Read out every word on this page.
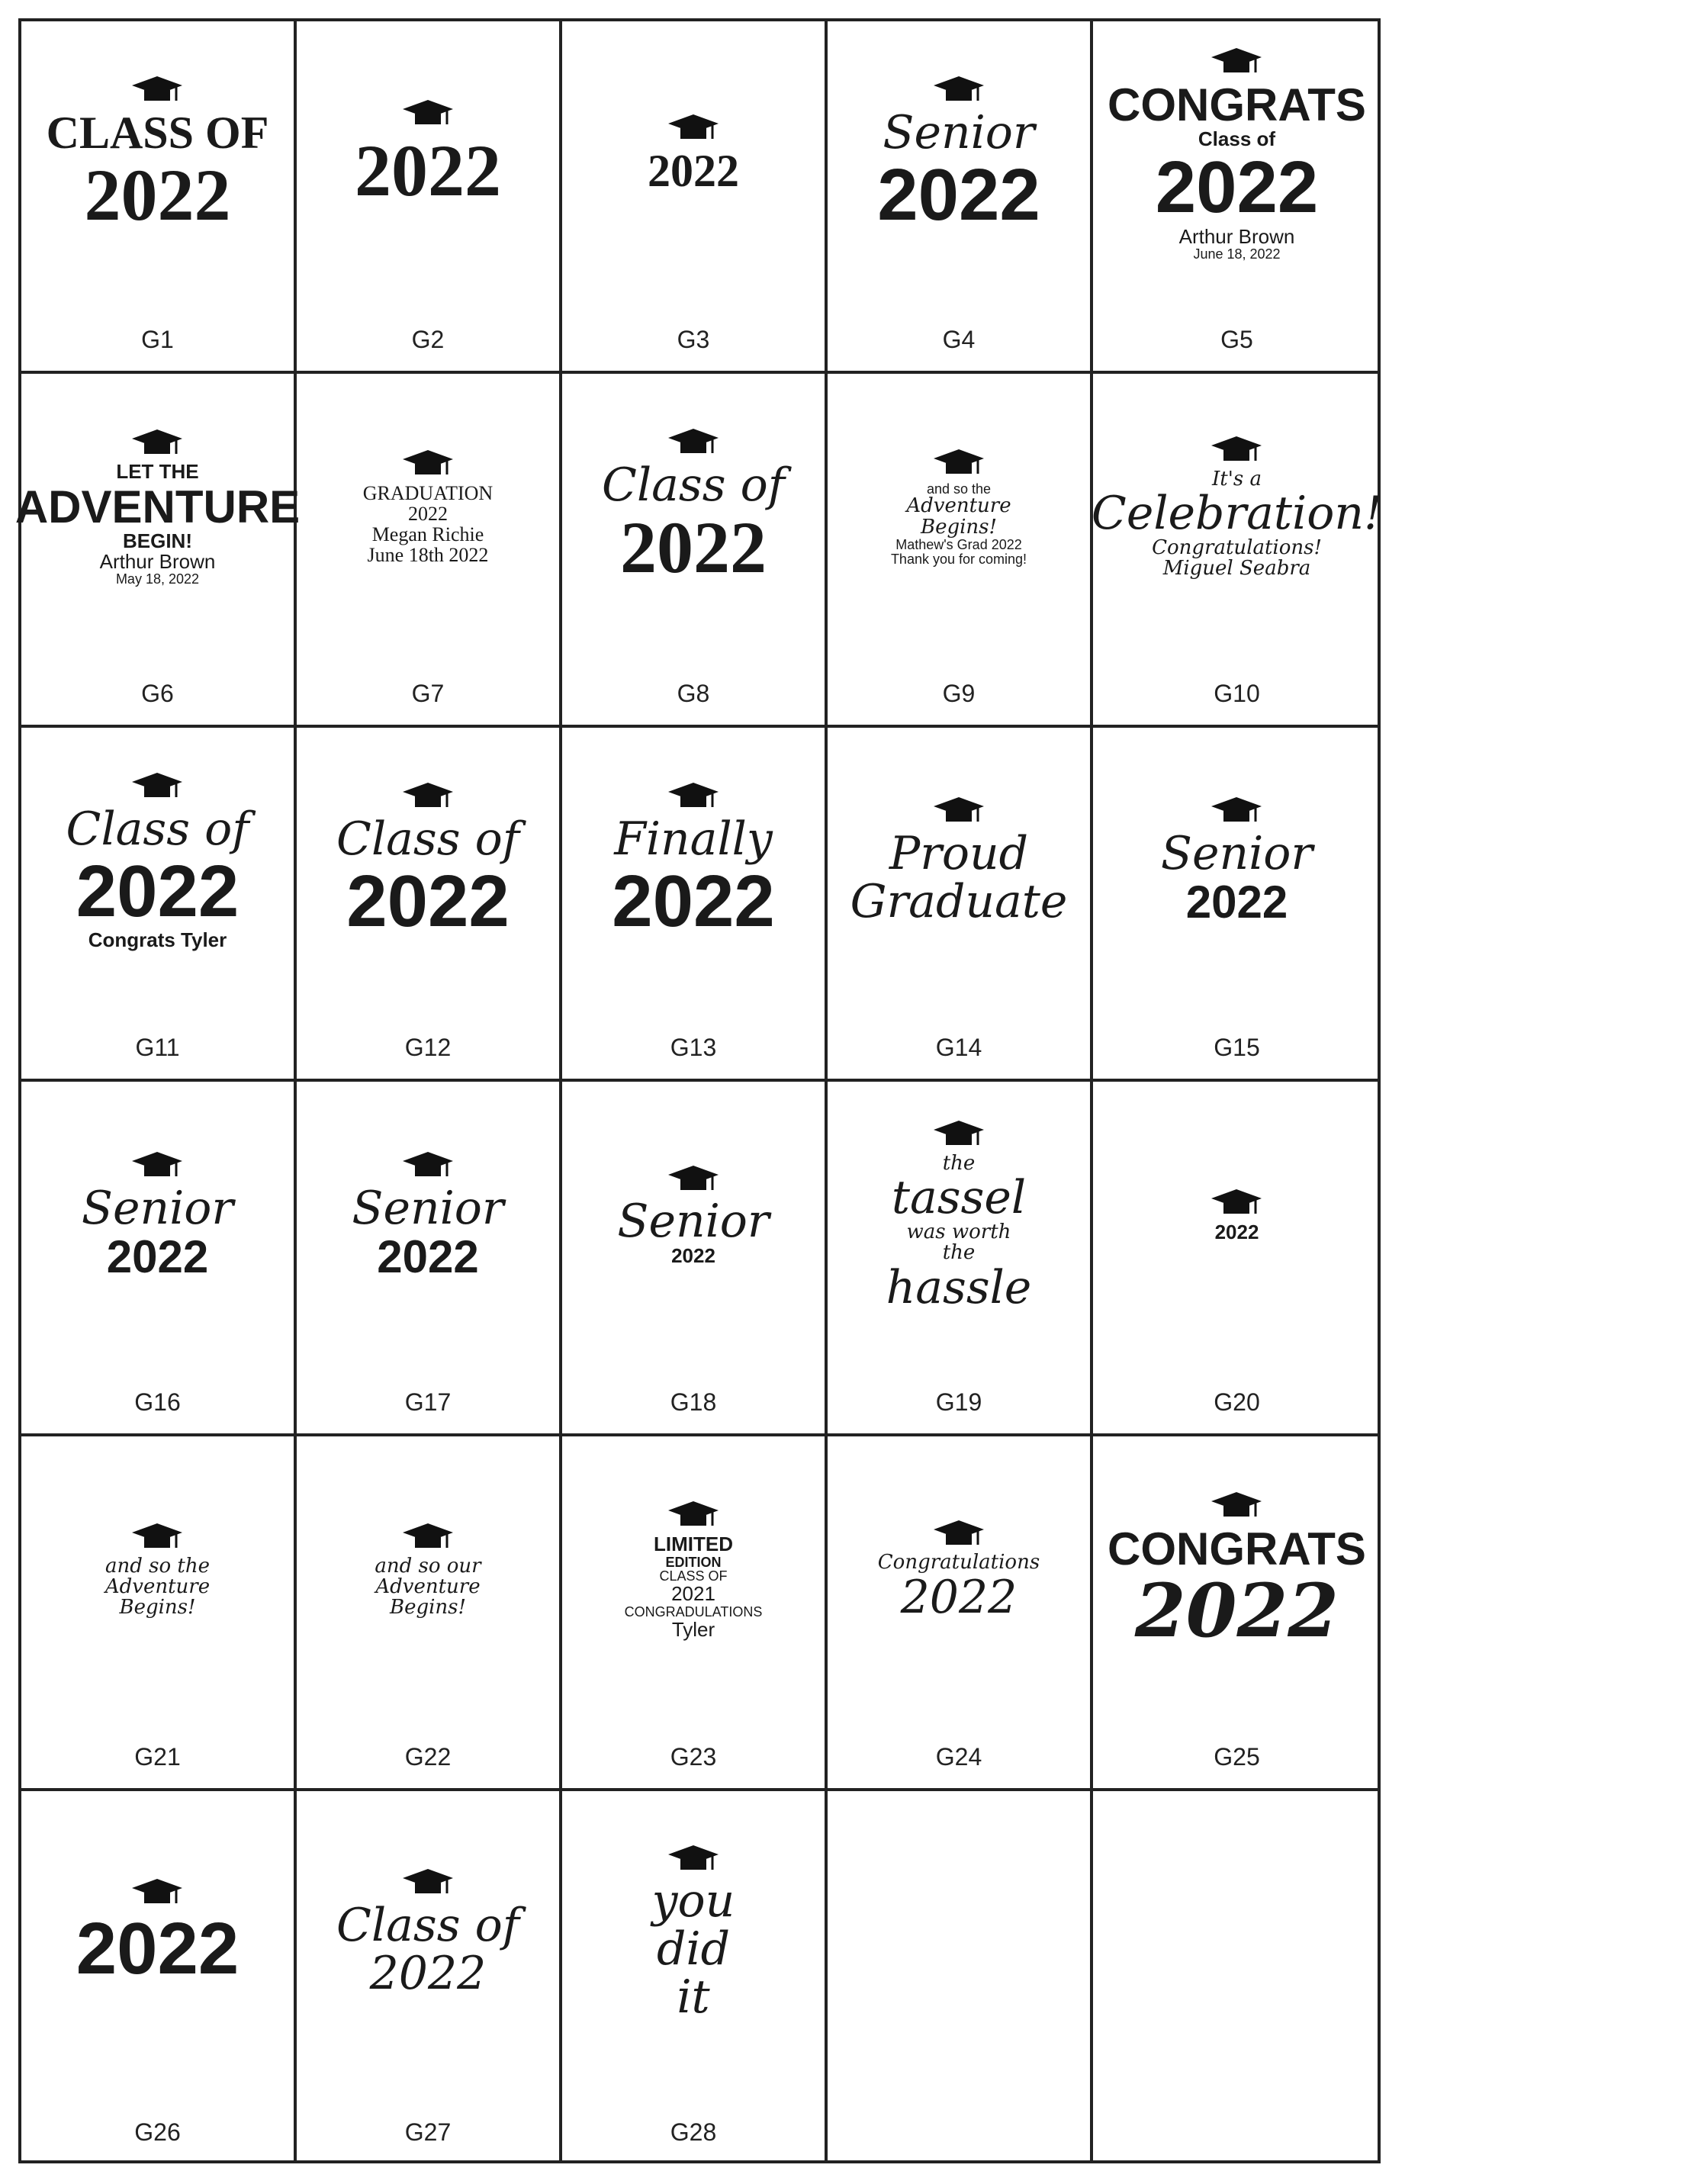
CLASS OF
2022
G1
2022
G2
2022
G3
Senior
2022
G4
CONGRATS
Class of
2022
Arthur Brown
June 18, 2022
G5
LET THE
ADVENTURE
BEGIN!
Arthur Brown
May 18, 2022
G6
GRADUATION
2022
Megan Richie
June 18th 2022
G7
Class of
2022
G8
and so the
Adventure
Begins!
Mathew's Grad 2022
Thank you for coming!
G9
It's a
Celebration!
Congratulations!
Miguel Seabra
G10
Class of
2022
Congrats Tyler
G11
Class of
2022
G12
Finally
2022
G13
Proud
Graduate
G14
Senior
2022
G15
Senior
2022
G16
Senior
2022
G17
Senior
2022
G18
the
tassel
was worth
the
hassle
G19
2022
G20
and so the
Adventure
Begins!
G21
and so our
Adventure
Begins!
G22
LIMITED
EDITION
CLASS OF
2021
CONGRADULATIONS
Tyler
G23
Congratulations
2022
G24
CONGRATS
2022
G25
2022
G26
Class of
2022
G27
you
did
it
G28
